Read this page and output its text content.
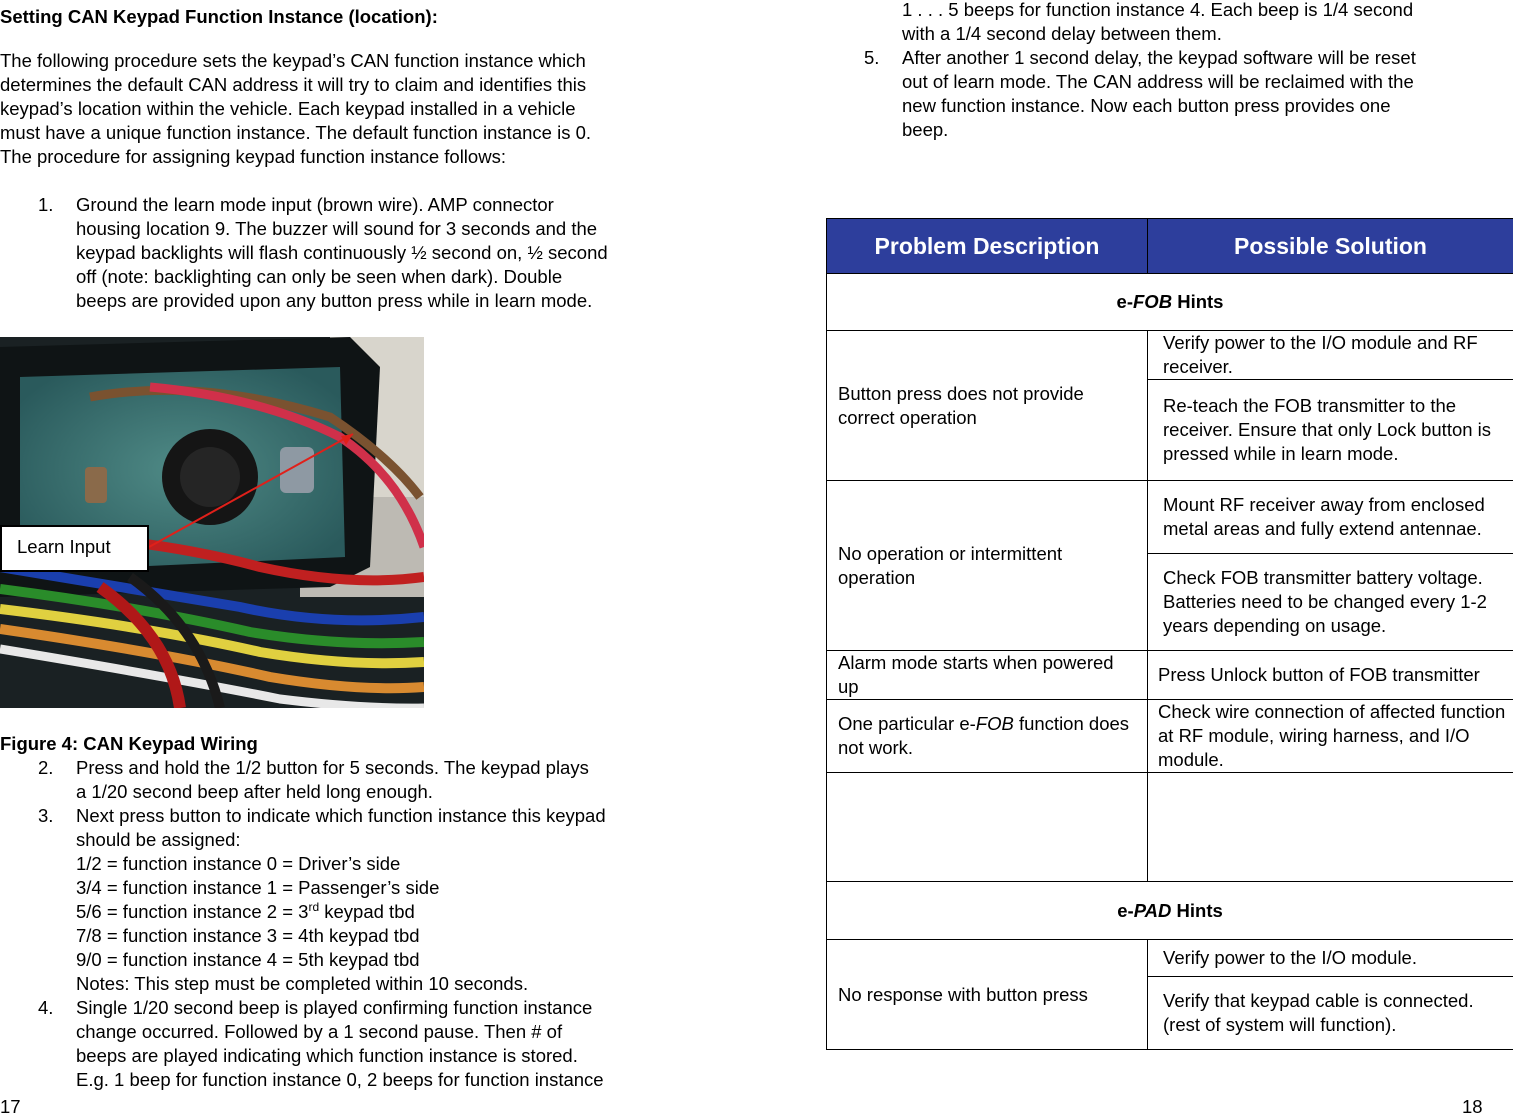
Setting CAN Keypad Function Instance (location):
The following procedure sets the keypad’s CAN function instance which
determines the default CAN address it will try to claim and identifies this
keypad’s location within the vehicle. Each keypad installed in a vehicle
must have a unique function instance. The default function instance is 0.
The procedure for assigning keypad function instance follows:
1.	Ground the learn mode input (brown wire). AMP connector
housing location 9. The buzzer will sound for 3 seconds and the
keypad backlights will flash continuously ½ second on, ½ second
off (note: backlighting can only be seen when dark). Double
beeps are provided upon any button press while in learn mode.
Learn Input
Figure 4: CAN Keypad Wiring
2.	Press and hold the 1/2 button for 5 seconds. The keypad plays
a 1/20 second beep after held long enough.
3.	Next press button to indicate which function instance this keypad
should be assigned:
1/2 = function instance 0 = Driver’s side
3/4 = function instance 1 = Passenger’s side
5/6 = function instance 2 = 3rd keypad tbd
7/8 = function instance 3 = 4th keypad tbd
9/0 = function instance 4 = 5th keypad tbd
Notes: This step must be completed within 10 seconds.
4.	Single 1/20 second beep is played confirming function instance
change occurred. Followed by a 1 second pause. Then # of
beeps are played indicating which function instance is stored.
E.g. 1 beep for function instance 0, 2 beeps for function instance
17
1 . . . 5 beeps for function instance 4. Each beep is 1/4 second
with a 1/4 second delay between them.
5.	After another 1 second delay, the keypad software will be reset
out of learn mode. The CAN address will be reclaimed with the
new function instance. Now each button press provides one
beep.
Problem Description	Possible Solution
e-FOB Hints	
Button press does not provide correct operation	Verify power to the I/O module and RF receiver.
	Re-teach the FOB transmitter to the receiver. Ensure that only Lock button is pressed while in learn mode.
No operation or intermittent operation	Mount RF receiver away from enclosed metal areas and fully extend antennae.
	Check FOB transmitter battery voltage. Batteries need to be changed every 1-2 years depending on usage.
Alarm mode starts when powered up	Press Unlock button of FOB transmitter
One particular e-FOB function does not work.	Check wire connection of affected function at RF module, wiring harness, and I/O module.

e-PAD Hints	
No response with button press	Verify power to the I/O module.
	Verify that keypad cable is connected. (rest of system will function).
18
